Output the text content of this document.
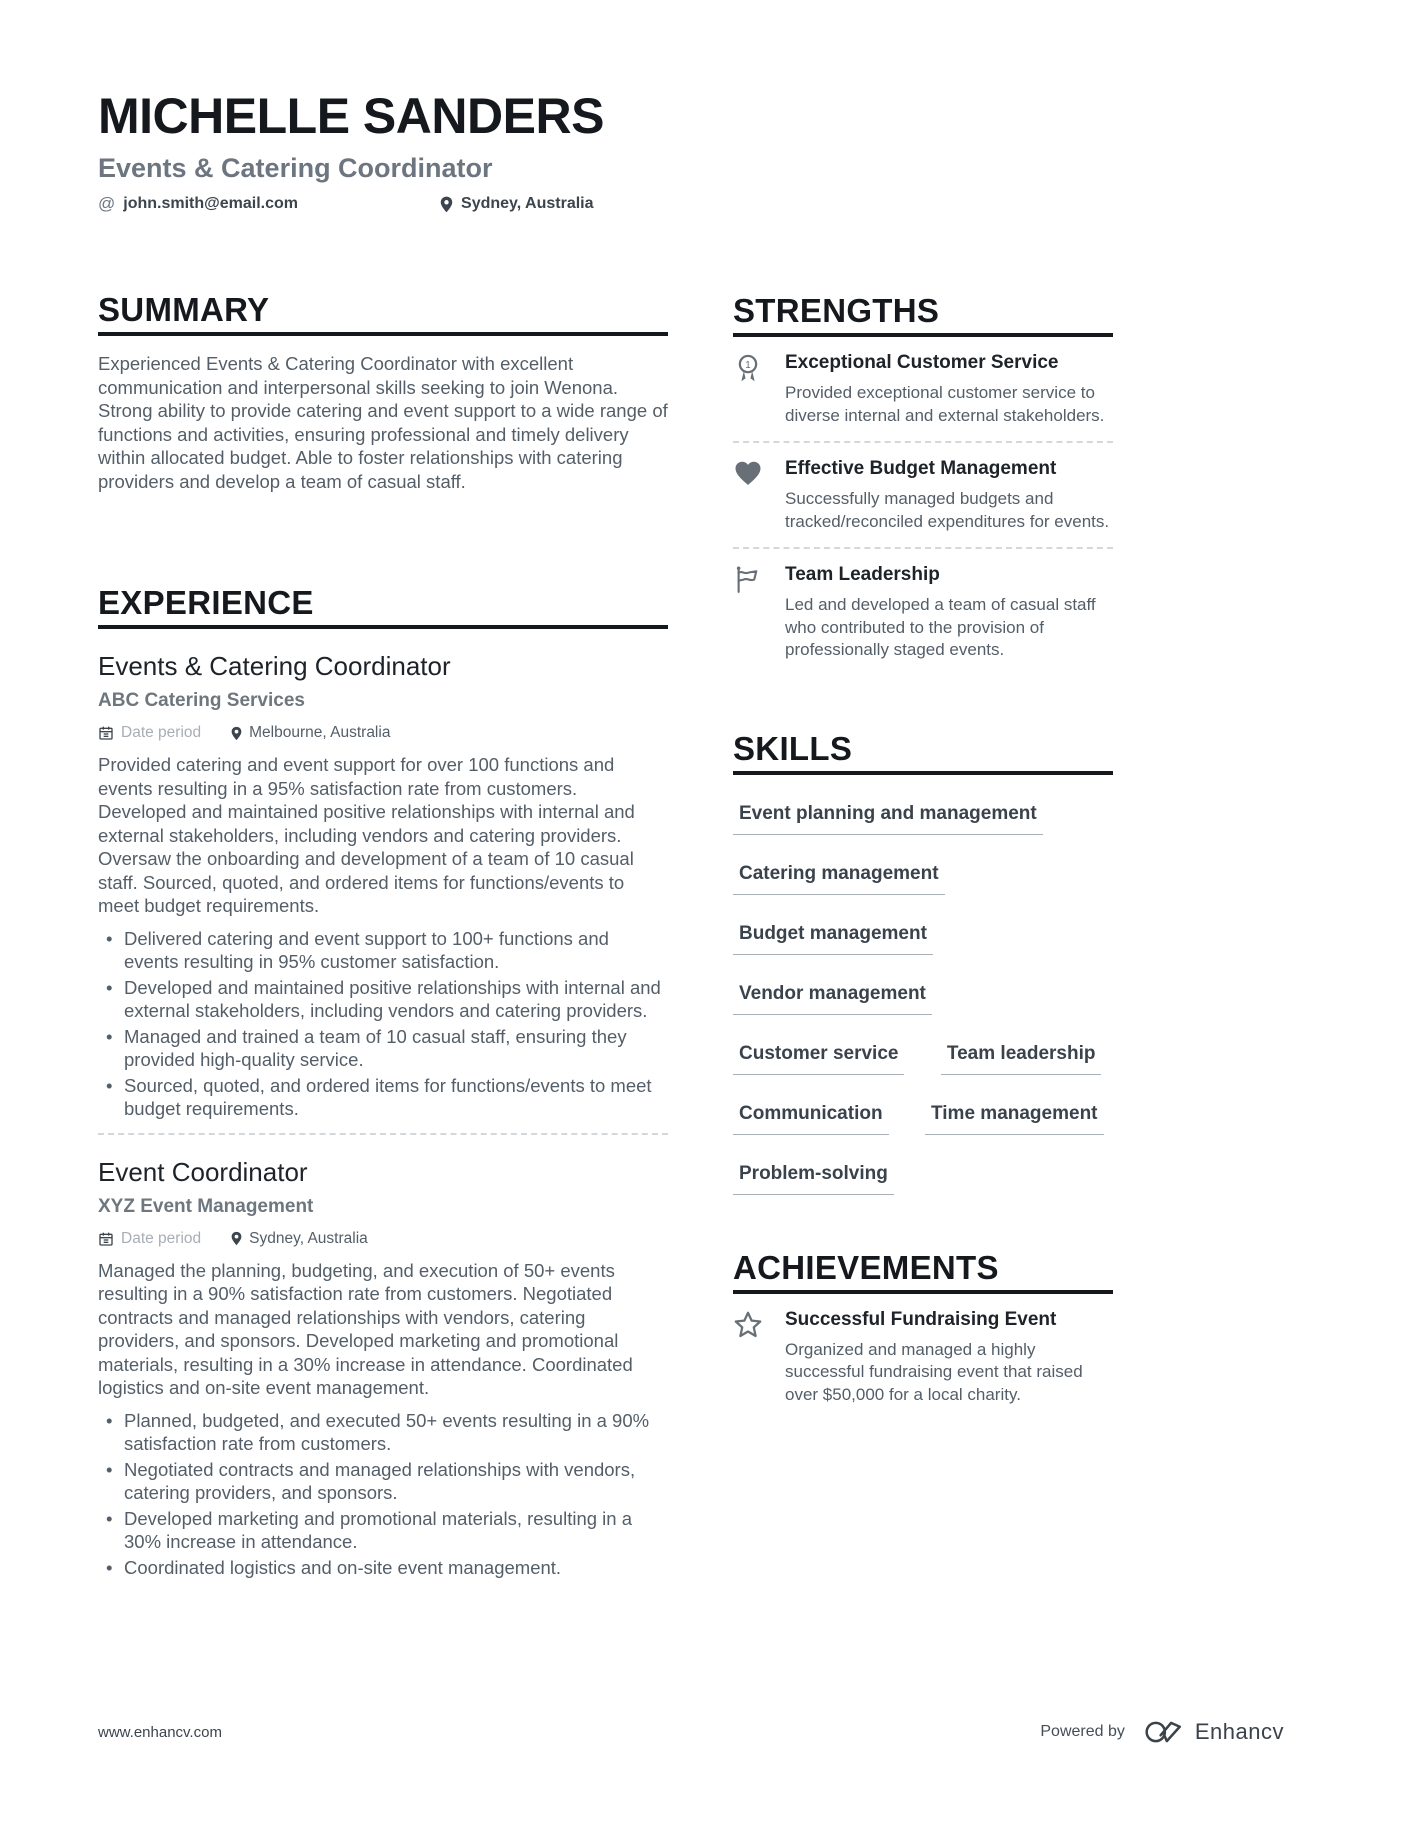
MICHELLE SANDERS
Events & Catering Coordinator
@ john.smith@email.com	Sydney, Australia
SUMMARY
Experienced Events & Catering Coordinator with excellent communication and interpersonal skills seeking to join Wenona. Strong ability to provide catering and event support to a wide range of functions and activities, ensuring professional and timely delivery within allocated budget. Able to foster relationships with catering providers and develop a team of casual staff.
EXPERIENCE
Events & Catering Coordinator
ABC Catering Services
Date period	Melbourne, Australia
Provided catering and event support for over 100 functions and events resulting in a 95% satisfaction rate from customers. Developed and maintained positive relationships with internal and external stakeholders, including vendors and catering providers. Oversaw the onboarding and development of a team of 10 casual staff. Sourced, quoted, and ordered items for functions/events to meet budget requirements.
• Delivered catering and event support to 100+ functions and events resulting in 95% customer satisfaction.
• Developed and maintained positive relationships with internal and external stakeholders, including vendors and catering providers.
• Managed and trained a team of 10 casual staff, ensuring they provided high-quality service.
• Sourced, quoted, and ordered items for functions/events to meet budget requirements.
Event Coordinator
XYZ Event Management
Date period	Sydney, Australia
Managed the planning, budgeting, and execution of 50+ events resulting in a 90% satisfaction rate from customers. Negotiated contracts and managed relationships with vendors, catering providers, and sponsors. Developed marketing and promotional materials, resulting in a 30% increase in attendance. Coordinated logistics and on-site event management.
• Planned, budgeted, and executed 50+ events resulting in a 90% satisfaction rate from customers.
• Negotiated contracts and managed relationships with vendors, catering providers, and sponsors.
• Developed marketing and promotional materials, resulting in a 30% increase in attendance.
• Coordinated logistics and on-site event management.
STRENGTHS
1 Exceptional Customer Service
Provided exceptional customer service to diverse internal and external stakeholders.
Effective Budget Management
Successfully managed budgets and tracked/reconciled expenditures for events.
Team Leadership
Led and developed a team of casual staff who contributed to the provision of professionally staged events.
SKILLS
Event planning and management
Catering management
Budget management
Vendor management
Customer service	Team leadership
Communication	Time management
Problem-solving
ACHIEVEMENTS
Successful Fundraising Event
Organized and managed a highly successful fundraising event that raised over $50,000 for a local charity.
www.enhancv.com	Powered by	Enhancv
